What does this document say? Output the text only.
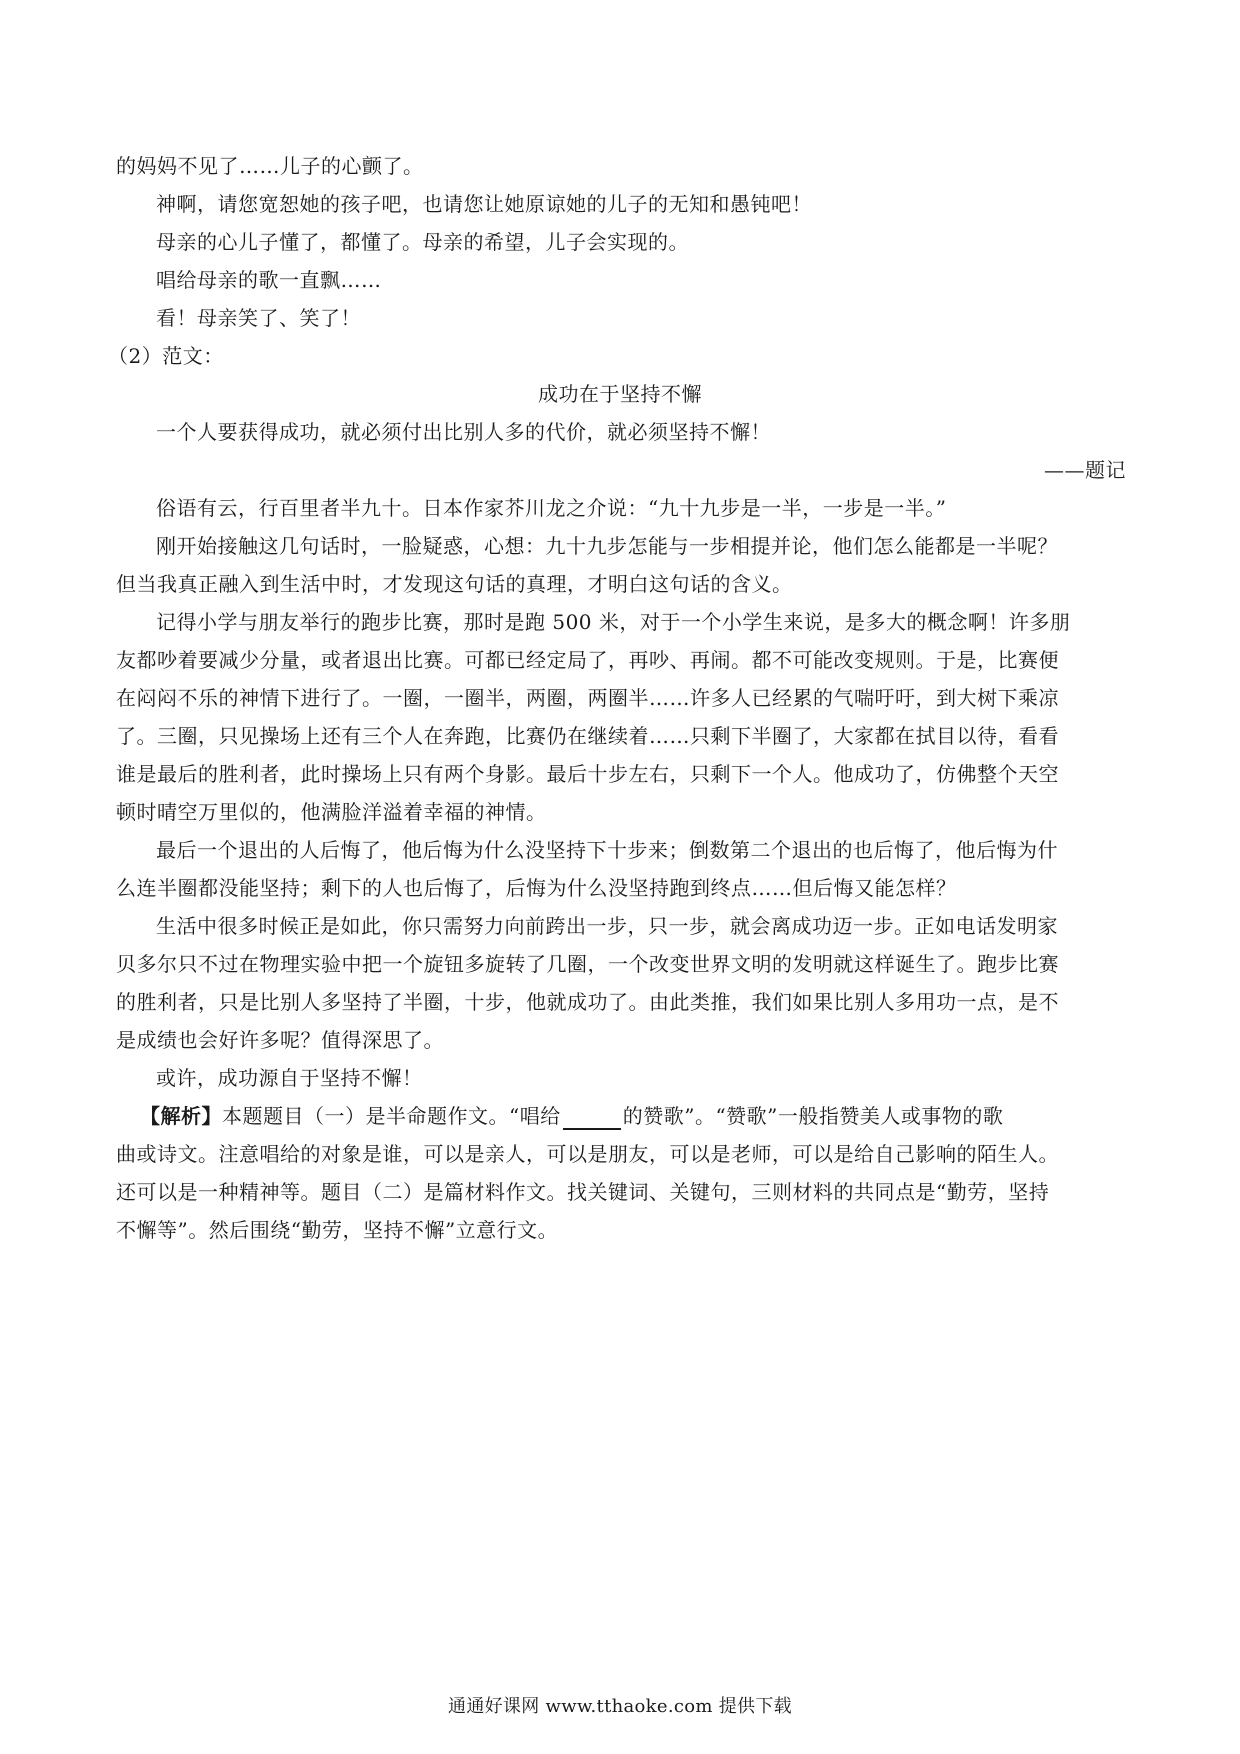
的妈妈不见了……儿子的心颤了。
神啊，请您宽恕她的孩子吧，也请您让她原谅她的儿子的无知和愚钝吧！
母亲的心儿子懂了，都懂了。母亲的希望，儿子会实现的。
唱给母亲的歌一直飘……
看！母亲笑了、笑了！
（2）范文：
成功在于坚持不懈
一个人要获得成功，就必须付出比别人多的代价，就必须坚持不懈！
——题记
俗语有云，行百里者半九十。日本作家芥川龙之介说：“九十九步是一半，一步是一半。”
刚开始接触这几句话时，一脸疑惑，心想：九十九步怎能与一步相提并论，他们怎么能都是一半呢？
但当我真正融入到生活中时，才发现这句话的真理，才明白这句话的含义。
记得小学与朋友举行的跑步比赛，那时是跑 500 米，对于一个小学生来说，是多大的概念啊！许多朋
友都吵着要减少分量，或者退出比赛。可都已经定局了，再吵、再闹。都不可能改变规则。于是，比赛便
在闷闷不乐的神情下进行了。一圈，一圈半，两圈，两圈半……许多人已经累的气喘吁吁，到大树下乘凉
了。三圈，只见操场上还有三个人在奔跑，比赛仍在继续着……只剩下半圈了，大家都在拭目以待，看看
谁是最后的胜利者，此时操场上只有两个身影。最后十步左右，只剩下一个人。他成功了，仿佛整个天空
顿时晴空万里似的，他满脸洋溢着幸福的神情。
最后一个退出的人后悔了，他后悔为什么没坚持下十步来；倒数第二个退出的也后悔了，他后悔为什
么连半圈都没能坚持；剩下的人也后悔了，后悔为什么没坚持跑到终点……但后悔又能怎样？
生活中很多时候正是如此，你只需努力向前跨出一步，只一步，就会离成功迈一步。正如电话发明家
贝多尔只不过在物理实验中把一个旋钮多旋转了几圈，一个改变世界文明的发明就这样诞生了。跑步比赛
的胜利者，只是比别人多坚持了半圈，十步，他就成功了。由此类推，我们如果比别人多用功一点，是不
是成绩也会好许多呢？值得深思了。
或许，成功源自于坚持不懈！
【解析】本题题目（一）是半命题作文。“唱给	的赞歌”。“赞歌”一般指赞美人或事物的歌
曲或诗文。注意唱给的对象是谁，可以是亲人，可以是朋友，可以是老师，可以是给自己影响的陌生人。
还可以是一种精神等。题目（二）是篇材料作文。找关键词、关键句，三则材料的共同点是“勤劳，坚持
不懈等”。然后围绕“勤劳，坚持不懈”立意行文。
通通好课网 www.tthaoke.com 提供下载
